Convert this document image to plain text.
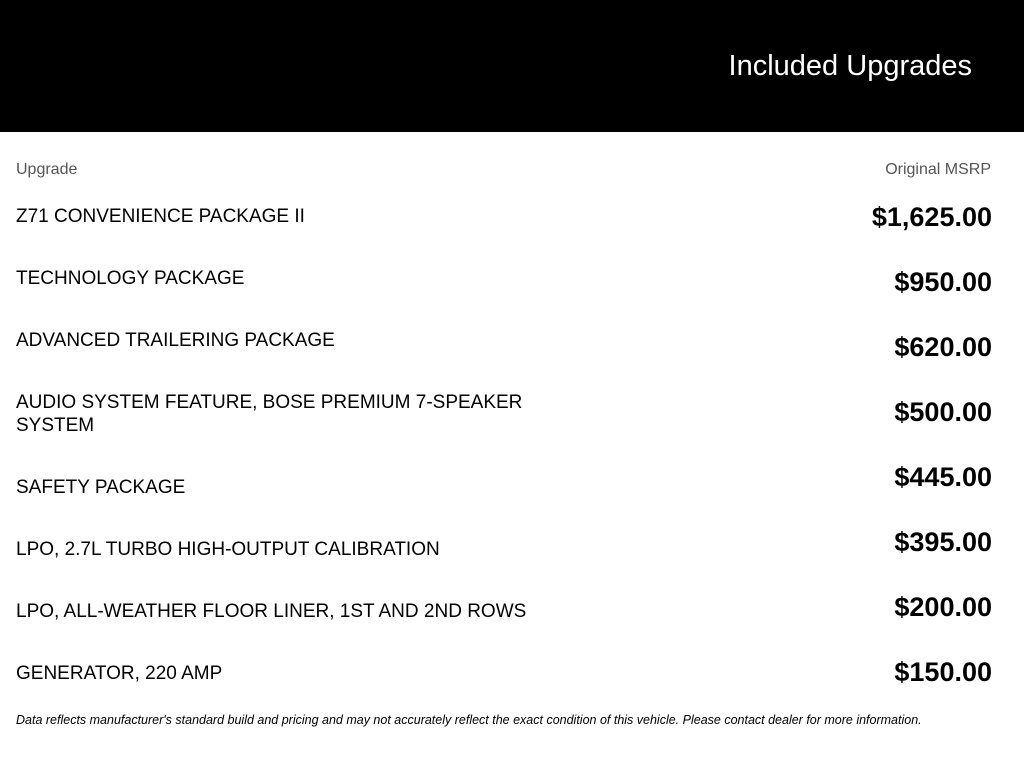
Included Upgrades
Upgrade	Original MSRP
Z71 CONVENIENCE PACKAGE II	$1,625.00
TECHNOLOGY PACKAGE	$950.00
ADVANCED TRAILERING PACKAGE	$620.00
AUDIO SYSTEM FEATURE, BOSE PREMIUM 7-SPEAKER SYSTEM	$500.00
SAFETY PACKAGE	$445.00
LPO, 2.7L TURBO HIGH-OUTPUT CALIBRATION	$395.00
LPO, ALL-WEATHER FLOOR LINER, 1ST AND 2ND ROWS	$200.00
GENERATOR, 220 AMP	$150.00
Data reflects manufacturer's standard build and pricing and may not accurately reflect the exact condition of this vehicle. Please contact dealer for more information.
